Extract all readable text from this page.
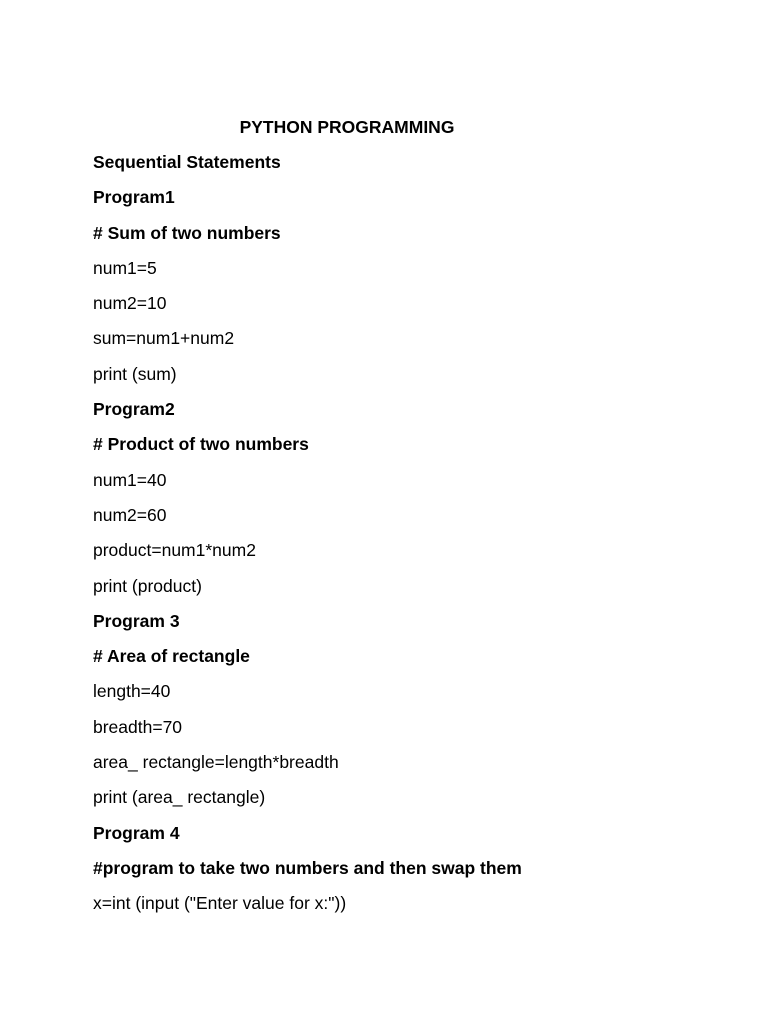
PYTHON PROGRAMMING
Sequential Statements
Program1
# Sum of two numbers
num1=5
num2=10
sum=num1+num2
print (sum)
Program2
# Product of two numbers
num1=40
num2=60
product=num1*num2
print (product)
Program 3
# Area of rectangle
length=40
breadth=70
area_ rectangle=length*breadth
print (area_ rectangle)
Program 4
#program to take two numbers and then swap them
x=int (input ("Enter value for x:"))
